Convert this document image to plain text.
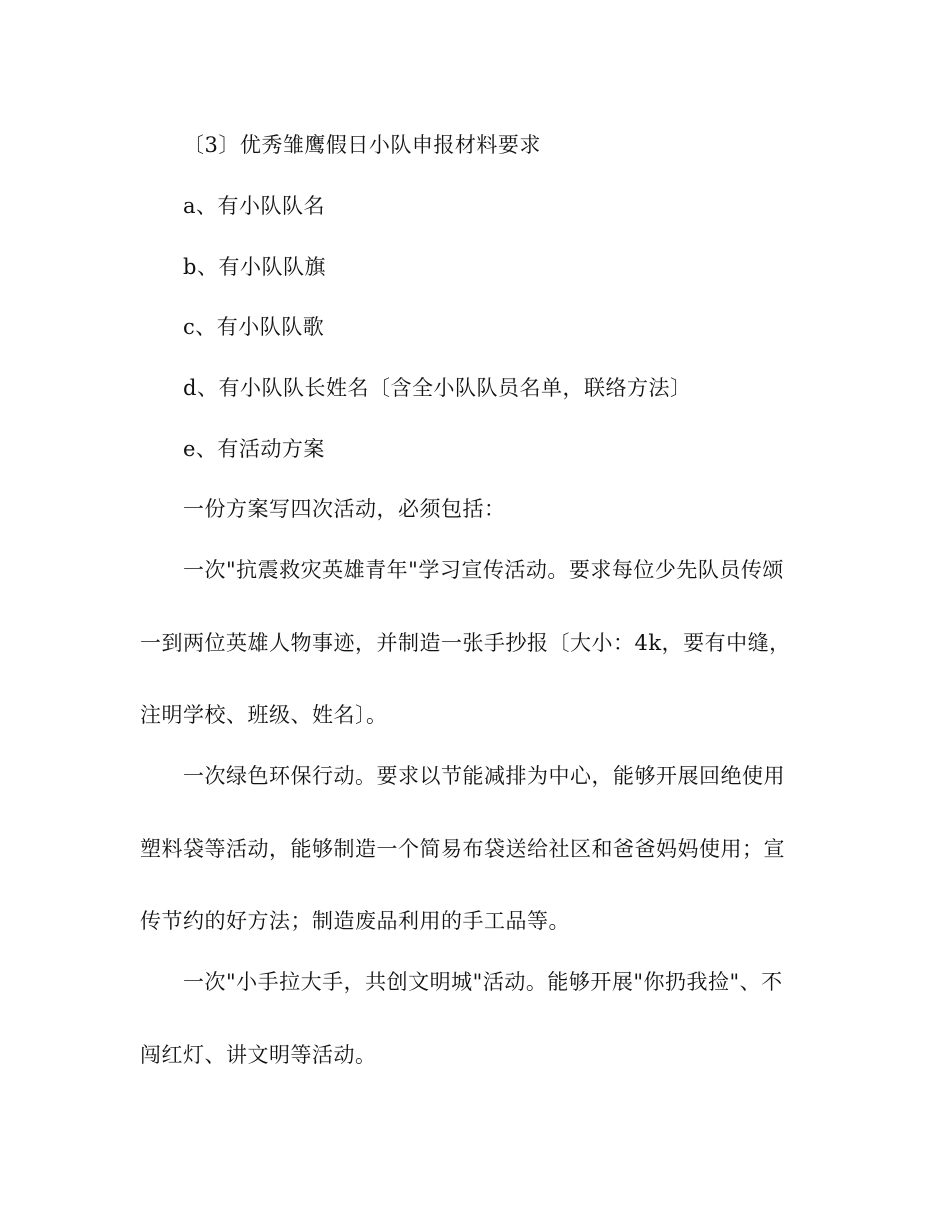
〔3〕优秀雏鹰假日小队申报材料要求
a、有小队队名
b、有小队队旗
c、有小队队歌
d、有小队队长姓名〔含全小队队员名单，联络方法〕
e、有活动方案
一份方案写四次活动，必须包括：
一次"抗震救灾英雄青年"学习宣传活动。要求每位少先队员传颂
一到两位英雄人物事迹，并制造一张手抄报〔大小：4k，要有中缝，
注明学校、班级、姓名〕。
一次绿色环保行动。要求以节能减排为中心，能够开展回绝使用
塑料袋等活动，能够制造一个简易布袋送给社区和爸爸妈妈使用；宣
传节约的好方法；制造废品利用的手工品等。
一次"小手拉大手，共创文明城"活动。能够开展"你扔我捡"、不
闯红灯、讲文明等活动。
